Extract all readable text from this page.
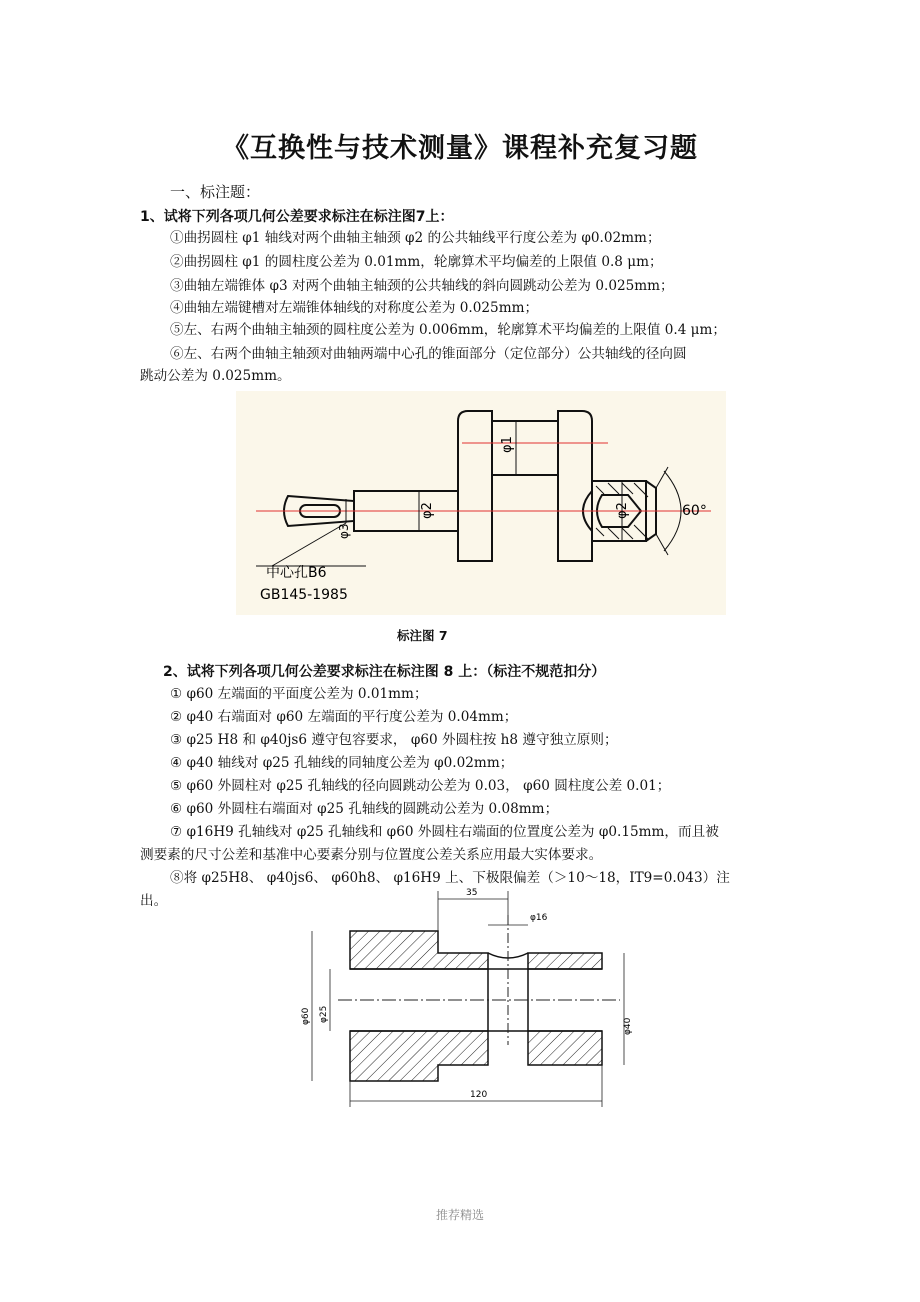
《互换性与技术测量》课程补充复习题
一、标注题：
1、试将下列各项几何公差要求标注在标注图7上：
①曲拐圆柱 φ1 轴线对两个曲轴主轴颈 φ2 的公共轴线平行度公差为 φ0.02mm；
②曲拐圆柱 φ1 的圆柱度公差为 0.01mm，轮廓算术平均偏差的上限值 0.8 μm；
③曲轴左端锥体 φ3 对两个曲轴主轴颈的公共轴线的斜向圆跳动公差为 0.025mm；
④曲轴左端键槽对左端锥体轴线的对称度公差为 0.025mm；
⑤左、右两个曲轴主轴颈的圆柱度公差为 0.006mm，轮廓算术平均偏差的上限值 0.4 μm；
⑥左、右两个曲轴主轴颈对曲轴两端中心孔的锥面部分（定位部分）公共轴线的径向圆
跳动公差为 0.025mm。
φ1
φ2	φ2
φ3
60°
中心孔B6
GB145-1985
标注图 7
2、试将下列各项几何公差要求标注在标注图 8 上：（标注不规范扣分）
① φ60 左端面的平面度公差为 0.01mm；
② φ40 右端面对 φ60 左端面的平行度公差为 0.04mm；
③ φ25 H8 和 φ40js6 遵守包容要求， φ60 外圆柱按 h8 遵守独立原则；
④ φ40 轴线对 φ25 孔轴线的同轴度公差为 φ0.02mm；
⑤ φ60 外圆柱对 φ25 孔轴线的径向圆跳动公差为 0.03， φ60 圆柱度公差 0.01；
⑥ φ60 外圆柱右端面对 φ25 孔轴线的圆跳动公差为 0.08mm；
⑦ φ16H9 孔轴线对 φ25 孔轴线和 φ60 外圆柱右端面的位置度公差为 φ0.15mm，而且被
测要素的尺寸公差和基准中心要素分别与位置度公差关系应用最大实体要求。
⑧将 φ25H8、 φ40js6、 φ60h8、 φ16H9 上、下极限偏差（＞10～18，IT9=0.043）注
出。	35
φ16
120
φ60 φ25
φ40
推荐精选
